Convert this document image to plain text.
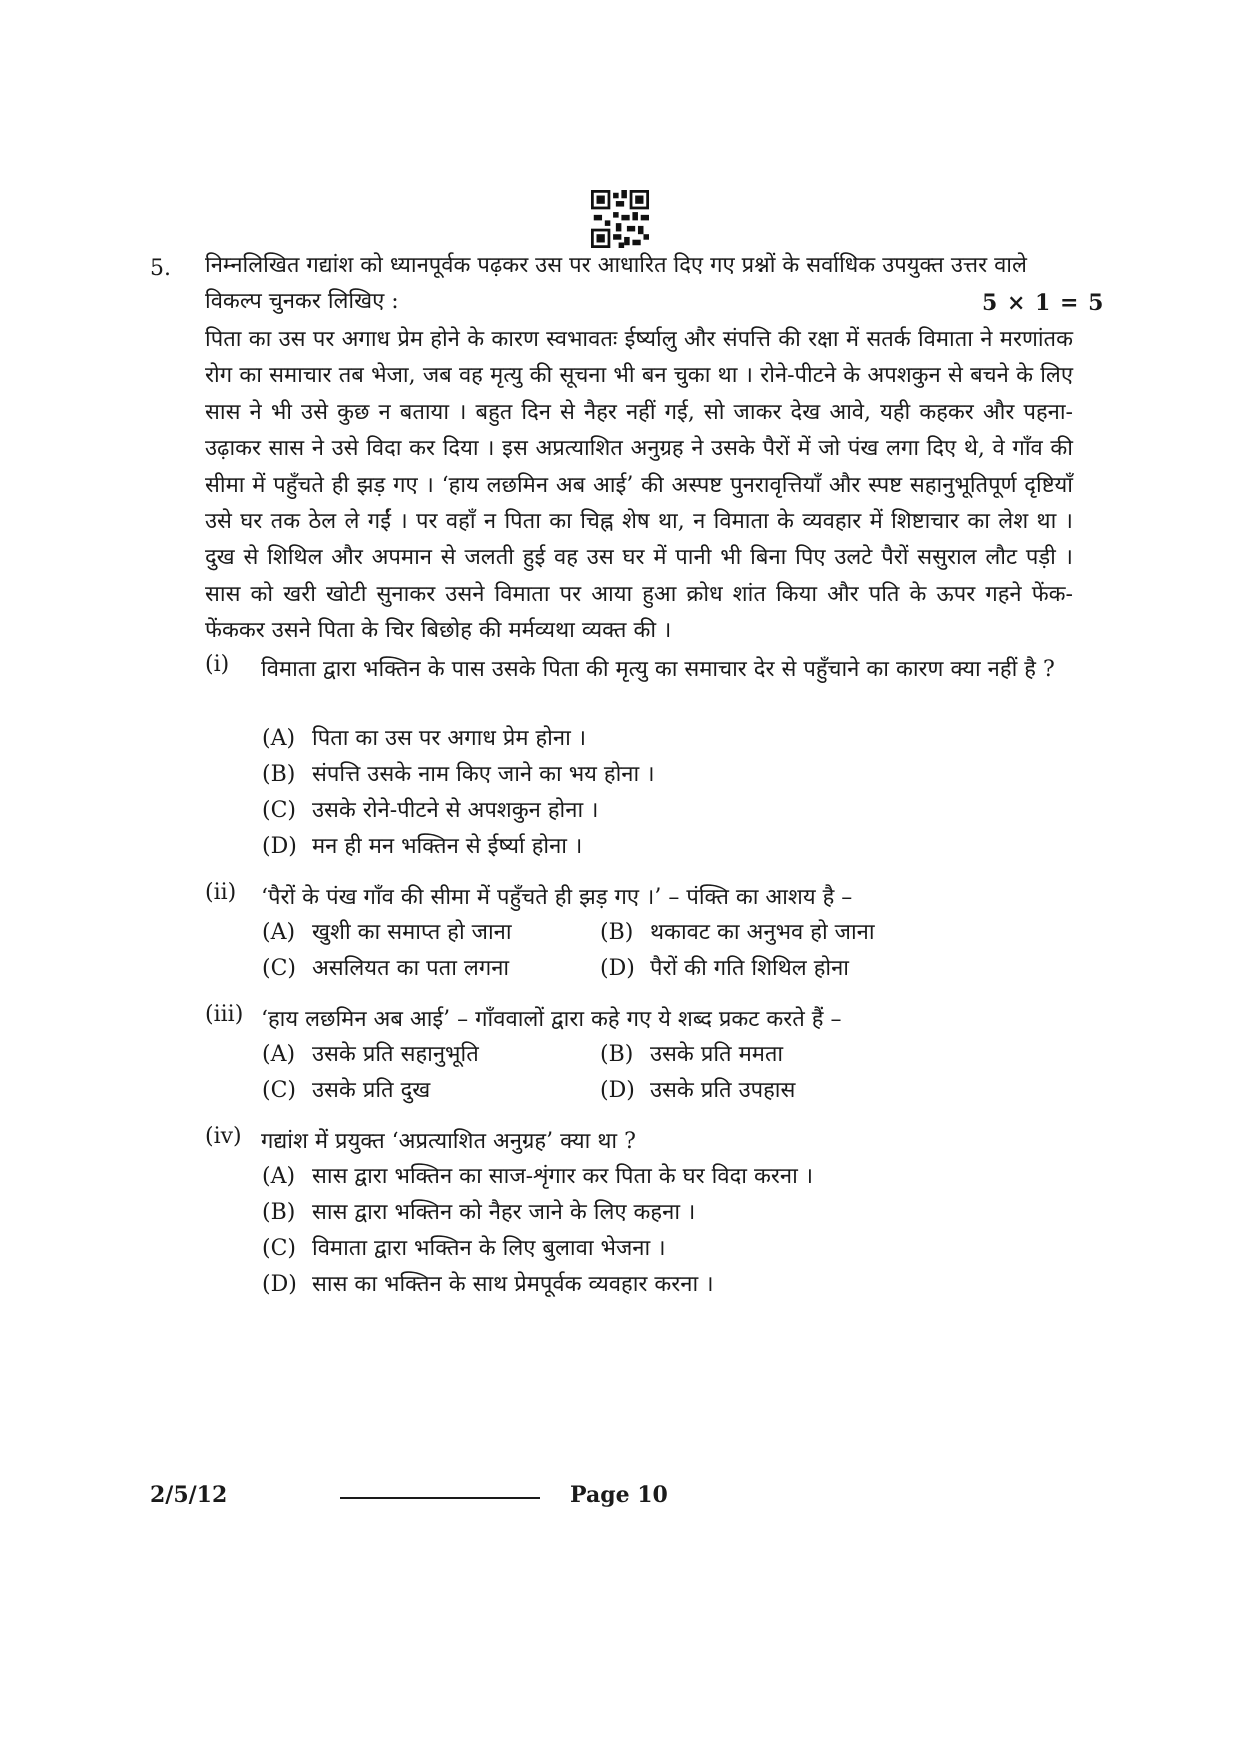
5. निम्नलिखित गद्यांश को ध्यानपूर्वक पढ़कर उस पर आधारित दिए गए प्रश्नों के सर्वाधिक उपयुक्त उत्तर वाले विकल्प चुनकर लिखिए :	5 × 1 = 5
पिता का उस पर अगाध प्रेम होने के कारण स्वभावतः ईर्ष्यालु और संपत्ति की रक्षा में सतर्क विमाता ने मरणांतक रोग का समाचार तब भेजा, जब वह मृत्यु की सूचना भी बन चुका था । रोने-पीटने के अपशकुन से बचने के लिए सास ने भी उसे कुछ न बताया । बहुत दिन से नैहर नहीं गई, सो जाकर देख आवे, यही कहकर और पहना-उढ़ाकर सास ने उसे विदा कर दिया । इस अप्रत्याशित अनुग्रह ने उसके पैरों में जो पंख लगा दिए थे, वे गाँव की सीमा में पहुँचते ही झड़ गए । ‘हाय लछमिन अब आई’ की अस्पष्ट पुनरावृत्तियाँ और स्पष्ट सहानुभूतिपूर्ण दृष्टियाँ उसे घर तक ठेल ले गईं । पर वहाँ न पिता का चिह्न शेष था, न विमाता के व्यवहार में शिष्टाचार का लेश था । दुख से शिथिल और अपमान से जलती हुई वह उस घर में पानी भी बिना पिए उलटे पैरों ससुराल लौट पड़ी । सास को खरी खोटी सुनाकर उसने विमाता पर आया हुआ क्रोध शांत किया और पति के ऊपर गहने फेंक-फेंककर उसने पिता के चिर बिछोह की मर्मव्यथा व्यक्त की ।
(i)	विमाता द्वारा भक्तिन के पास उसके पिता की मृत्यु का समाचार देर से पहुँचाने का कारण क्या नहीं है ?
(A) पिता का उस पर अगाध प्रेम होना ।
(B) संपत्ति उसके नाम किए जाने का भय होना ।
(C) उसके रोने-पीटने से अपशकुन होना ।
(D) मन ही मन भक्तिन से ईर्ष्या होना ।
(ii)	‘पैरों के पंख गाँव की सीमा में पहुँचते ही झड़ गए ।’ – पंक्ति का आशय है –
(A) खुशी का समाप्त हो जाना	(B) थकावट का अनुभव हो जाना
(C) असलियत का पता लगना	(D) पैरों की गति शिथिल होना
(iii) ‘हाय लछमिन अब आई’ – गाँववालों द्वारा कहे गए ये शब्द प्रकट करते हैं –
(A) उसके प्रति सहानुभूति	(B) उसके प्रति ममता
(C) उसके प्रति दुख	(D) उसके प्रति उपहास
(iv) गद्यांश में प्रयुक्त ‘अप्रत्याशित अनुग्रह’ क्या था ?
(A) सास द्वारा भक्तिन का साज-शृंगार कर पिता के घर विदा करना ।
(B) सास द्वारा भक्तिन को नैहर जाने के लिए कहना ।
(C) विमाता द्वारा भक्तिन के लिए बुलावा भेजना ।
(D) सास का भक्तिन के साथ प्रेमपूर्वक व्यवहार करना ।
2/5/12	Page 10
